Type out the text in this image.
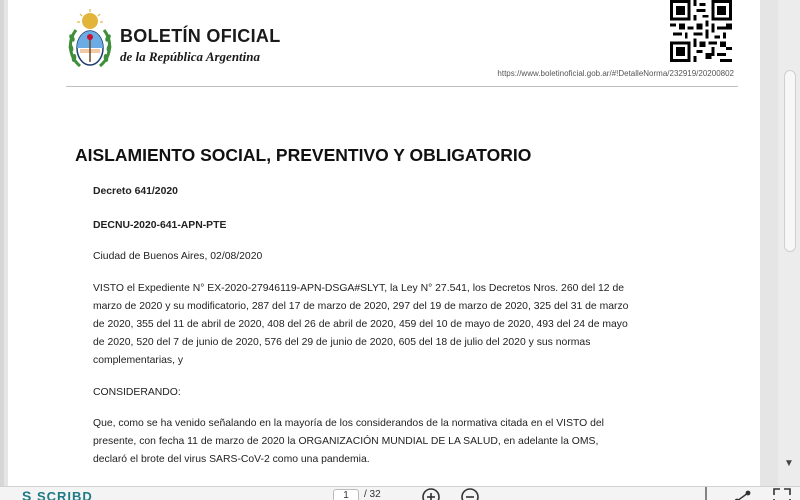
BOLETÍN OFICIAL
de la República Argentina
https://www.boletinoficial.gob.ar/#!DetalleNorma/232919/20200802
AISLAMIENTO SOCIAL, PREVENTIVO Y OBLIGATORIO
Decreto 641/2020
DECNU-2020-641-APN-PTE
Ciudad de Buenos Aires, 02/08/2020
VISTO el Expediente N° EX-2020-27946119-APN-DSGA#SLYT, la Ley N° 27.541, los Decretos Nros. 260 del 12 de
marzo de 2020 y su modificatorio, 287 del 17 de marzo de 2020, 297 del 19 de marzo de 2020, 325 del 31 de marzo
de 2020, 355 del 11 de abril de 2020, 408 del 26 de abril de 2020, 459 del 10 de mayo de 2020, 493 del 24 de mayo
de 2020, 520 del 7 de junio de 2020, 576 del 29 de junio de 2020, 605 del 18 de julio del 2020 y sus normas
complementarias, y
CONSIDERANDO:
Que, como se ha venido señalando en la mayoría de los considerandos de la normativa citada en el VISTO del
presente, con fecha 11 de marzo de 2020 la ORGANIZACIÓN MUNDIAL DE LA SALUD, en adelante la OMS,
declaró el brote del virus SARS-CoV-2 como una pandemia.	▼
S SCRIBD	1	/ 32
